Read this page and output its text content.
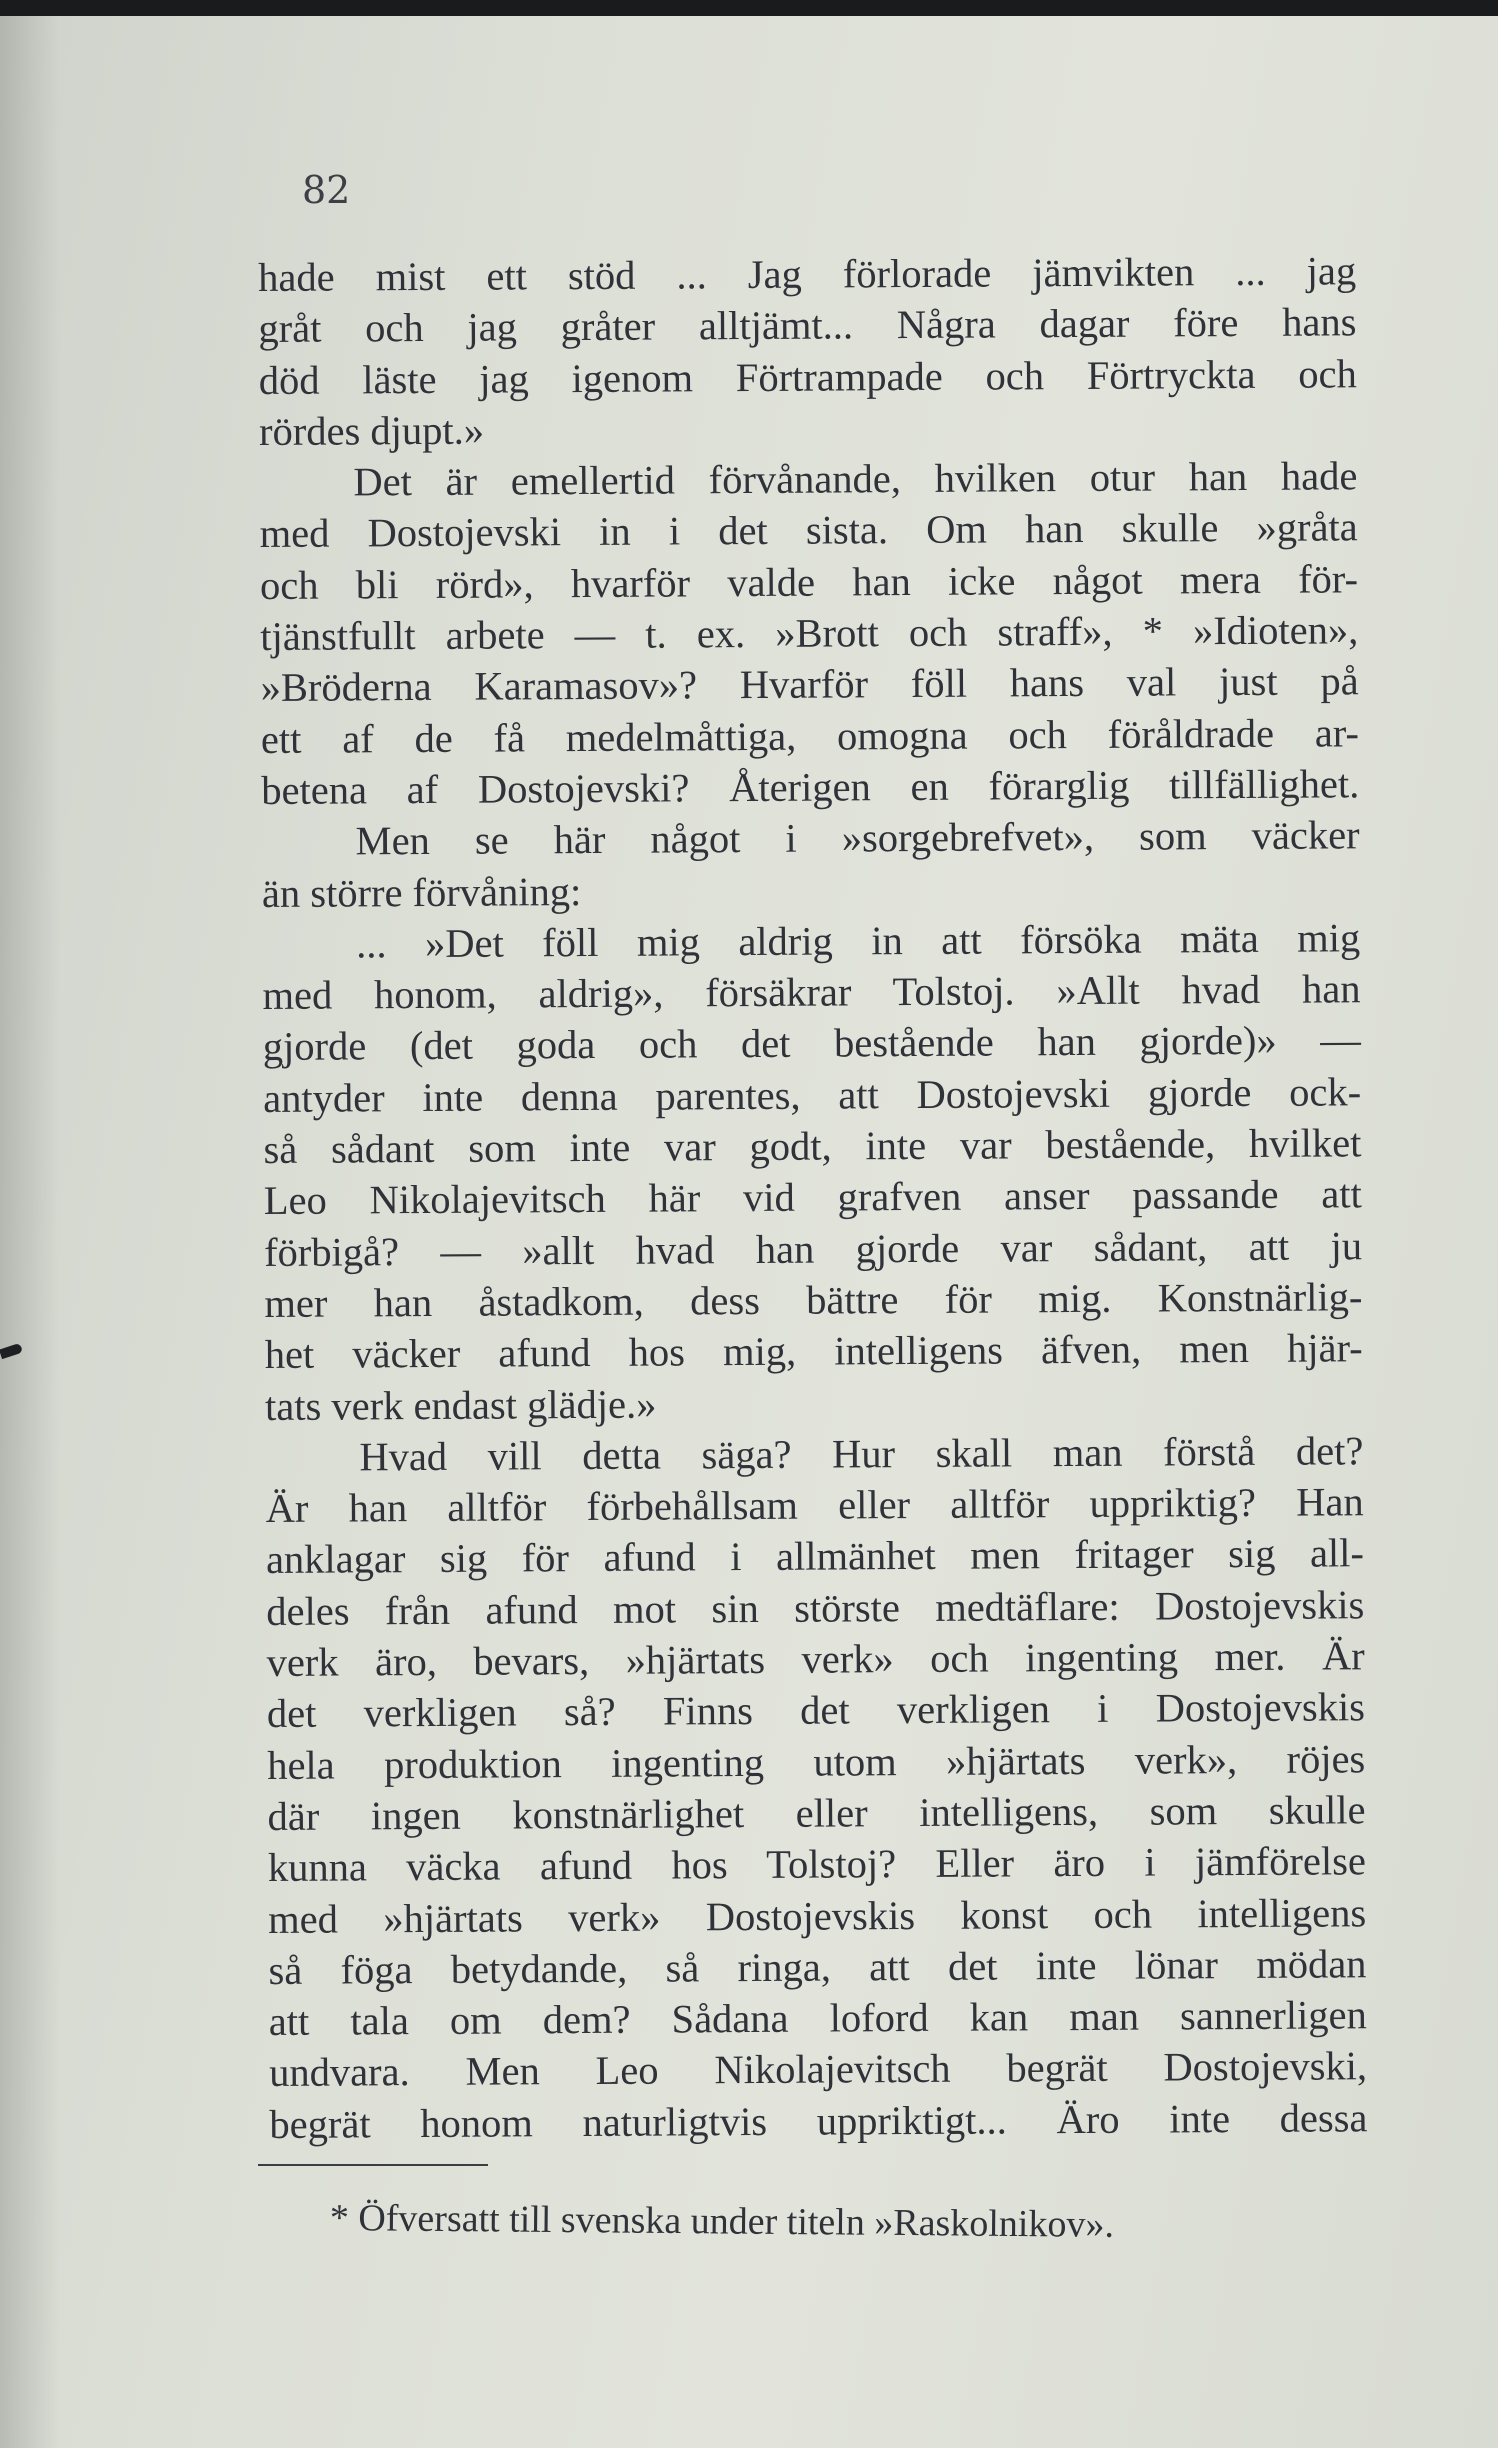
82
hade mist ett stöd ... Jag förlorade jämvikten ... jag
gråt och jag gråter alltjämt... Några dagar före hans
död läste jag igenom Förtrampade och Förtryckta och
rördes djupt.»
Det är emellertid förvånande, hvilken otur han hade
med Dostojevski in i det sista. Om han skulle »gråta
och bli rörd», hvarför valde han icke något mera för-
tjänstfullt arbete — t. ex. »Brott och straff», * »Idioten»,
»Bröderna Karamasov»? Hvarför föll hans val just på
ett af de få medelmåttiga, omogna och föråldrade ar-
betena af Dostojevski? Återigen en förarglig tillfällighet.
Men se här något i »sorgebrefvet», som väcker
än större förvåning:
... »Det föll mig aldrig in att försöka mäta mig
med honom, aldrig», försäkrar Tolstoj. »Allt hvad han
gjorde (det goda och det bestående han gjorde)» —
antyder inte denna parentes, att Dostojevski gjorde ock-
så sådant som inte var godt, inte var bestående, hvilket
Leo Nikolajevitsch här vid grafven anser passande att
förbigå? — »allt hvad han gjorde var sådant, att ju
mer han åstadkom, dess bättre för mig. Konstnärlig-
het väcker afund hos mig, intelligens äfven, men hjär-
tats verk endast glädje.»
Hvad vill detta säga? Hur skall man förstå det?
Är han alltför förbehållsam eller alltför uppriktig? Han
anklagar sig för afund i allmänhet men fritager sig all-
deles från afund mot sin störste medtäflare: Dostojevskis
verk äro, bevars, »hjärtats verk» och ingenting mer. Är
det verkligen så? Finns det verkligen i Dostojevskis
hela produktion ingenting utom »hjärtats verk», röjes
där ingen konstnärlighet eller intelligens, som skulle
kunna väcka afund hos Tolstoj? Eller äro i jämförelse
med »hjärtats verk» Dostojevskis konst och intelligens
så föga betydande, så ringa, att det inte lönar mödan
att tala om dem? Sådana loford kan man sannerligen
undvara. Men Leo Nikolajevitsch begrät Dostojevski,
begrät honom naturligtvis uppriktigt... Äro inte dessa
* Öfversatt till svenska under titeln »Raskolnikov».
